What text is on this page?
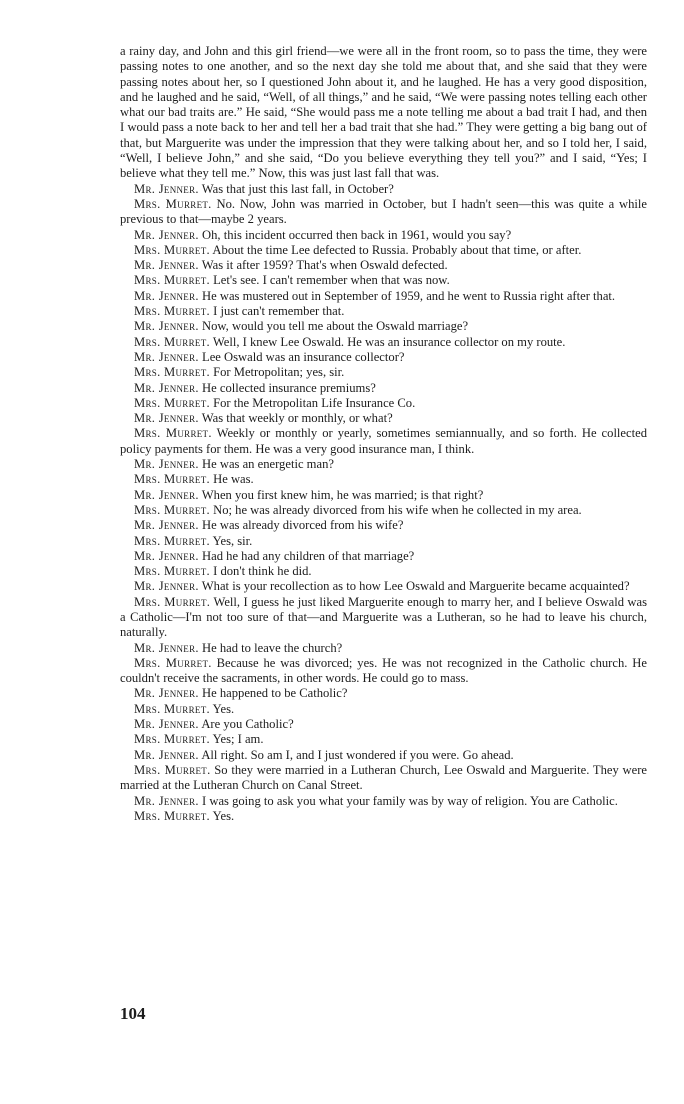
a rainy day, and John and this girl friend—we were all in the front room, so to pass the time, they were passing notes to one another, and so the next day she told me about that, and she said that they were passing notes about her, so I questioned John about it, and he laughed. He has a very good disposition, and he laughed and he said, “Well, of all things,” and he said, “We were passing notes telling each other what our bad traits are.” He said, “She would pass me a note telling me about a bad trait I had, and then I would pass a note back to her and tell her a bad trait that she had.” They were getting a big bang out of that, but Marguerite was under the impression that they were talking about her, and so I told her, I said, “Well, I believe John,” and she said, “Do you believe everything they tell you?” and I said, “Yes; I believe what they tell me.” Now, this was just last fall that was.

Mr. Jenner. Was that just this last fall, in October?

Mrs. Murret. No. Now, John was married in October, but I hadn't seen—this was quite a while previous to that—maybe 2 years.

Mr. Jenner. Oh, this incident occurred then back in 1961, would you say?

Mrs. Murret. About the time Lee defected to Russia. Probably about that time, or after.

Mr. Jenner. Was it after 1959? That's when Oswald defected.

Mrs. Murret. Let's see. I can't remember when that was now.

Mr. Jenner. He was mustered out in September of 1959, and he went to Russia right after that.

Mrs. Murret. I just can't remember that.

Mr. Jenner. Now, would you tell me about the Oswald marriage?

Mrs. Murret. Well, I knew Lee Oswald. He was an insurance collector on my route.

Mr. Jenner. Lee Oswald was an insurance collector?

Mrs. Murret. For Metropolitan; yes, sir.

Mr. Jenner. He collected insurance premiums?

Mrs. Murret. For the Metropolitan Life Insurance Co.

Mr. Jenner. Was that weekly or monthly, or what?

Mrs. Murret. Weekly or monthly or yearly, sometimes semiannually, and so forth. He collected policy payments for them. He was a very good insurance man, I think.

Mr. Jenner. He was an energetic man?

Mrs. Murret. He was.

Mr. Jenner. When you first knew him, he was married; is that right?

Mrs. Murret. No; he was already divorced from his wife when he collected in my area.

Mr. Jenner. He was already divorced from his wife?

Mrs. Murret. Yes, sir.

Mr. Jenner. Had he had any children of that marriage?

Mrs. Murret. I don't think he did.

Mr. Jenner. What is your recollection as to how Lee Oswald and Marguerite became acquainted?

Mrs. Murret. Well, I guess he just liked Marguerite enough to marry her, and I believe Oswald was a Catholic—I'm not too sure of that—and Marguerite was a Lutheran, so he had to leave his church, naturally.

Mr. Jenner. He had to leave the church?

Mrs. Murret. Because he was divorced; yes. He was not recognized in the Catholic church. He couldn't receive the sacraments, in other words. He could go to mass.

Mr. Jenner. He happened to be Catholic?

Mrs. Murret. Yes.

Mr. Jenner. Are you Catholic?

Mrs. Murret. Yes; I am.

Mr. Jenner. All right. So am I, and I just wondered if you were. Go ahead.

Mrs. Murret. So they were married in a Lutheran Church, Lee Oswald and Marguerite. They were married at the Lutheran Church on Canal Street.

Mr. Jenner. I was going to ask you what your family was by way of religion. You are Catholic.

Mrs. Murret. Yes.

104
